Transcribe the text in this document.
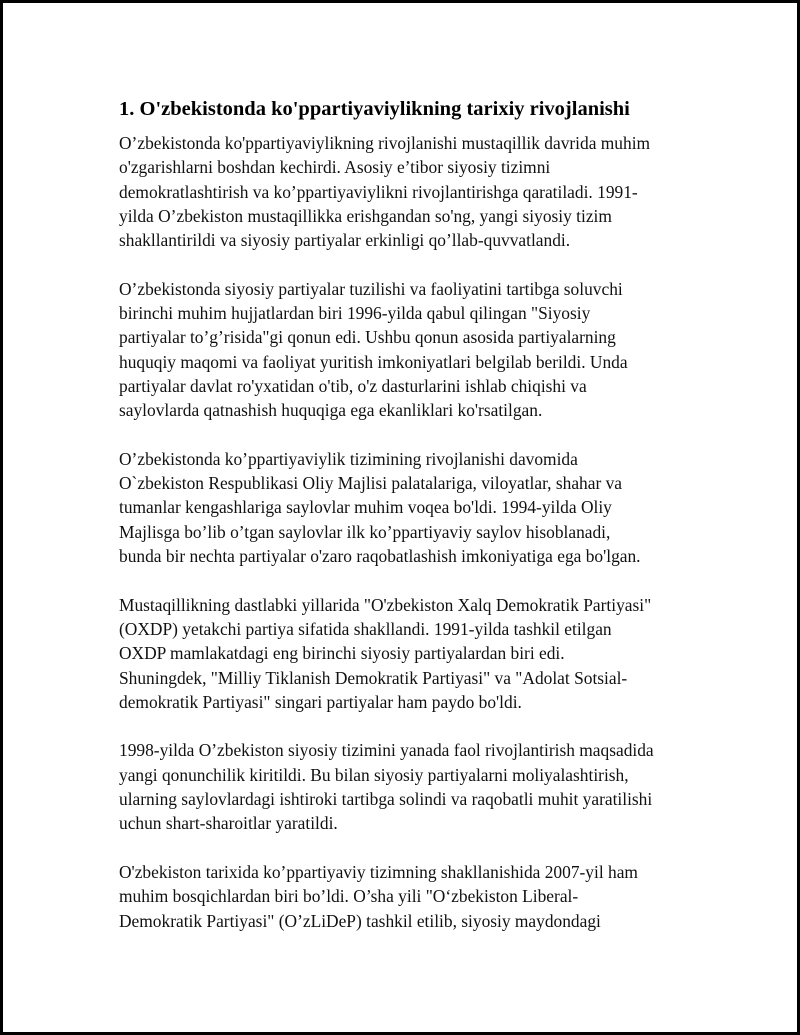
1. O'zbekistonda ko'ppartiyaviylikning tarixiy rivojlanishi
O’zbekistonda ko'ppartiyaviylikning rivojlanishi mustaqillik davrida muhim
o'zgarishlarni boshdan kechirdi. Asosiy e’tibor siyosiy tizimni
demokratlashtirish va ko’ppartiyaviylikni rivojlantirishga qaratiladi. 1991-
yilda O’zbekiston mustaqillikka erishgandan so'ng, yangi siyosiy tizim
shakllantirildi va siyosiy partiyalar erkinligi qo’llab-quvvatlandi.
O’zbekistonda siyosiy partiyalar tuzilishi va faoliyatini tartibga soluvchi
birinchi muhim hujjatlardan biri 1996-yilda qabul qilingan "Siyosiy
partiyalar to’g’risida"gi qonun edi. Ushbu qonun asosida partiyalarning
huquqiy maqomi va faoliyat yuritish imkoniyatlari belgilab berildi. Unda
partiyalar davlat ro'yxatidan o'tib, o'z dasturlarini ishlab chiqishi va
saylovlarda qatnashish huquqiga ega ekanliklari ko'rsatilgan.
O’zbekistonda ko’ppartiyaviylik tizimining rivojlanishi davomida
O`zbekiston Respublikasi Oliy Majlisi palatalariga, viloyatlar, shahar va
tumanlar kengashlariga saylovlar muhim voqea bo'ldi. 1994-yilda Oliy
Majlisga bo’lib o’tgan saylovlar ilk ko’ppartiyaviy saylov hisoblanadi,
bunda bir nechta partiyalar o'zaro raqobatlashish imkoniyatiga ega bo'lgan.
Mustaqillikning dastlabki yillarida "O'zbekiston Xalq Demokratik Partiyasi"
(OXDP) yetakchi partiya sifatida shakllandi. 1991-yilda tashkil etilgan
OXDP mamlakatdagi eng birinchi siyosiy partiyalardan biri edi.
Shuningdek, "Milliy Tiklanish Demokratik Partiyasi" va "Adolat Sotsial-
demokratik Partiyasi" singari partiyalar ham paydo bo'ldi.
1998-yilda O’zbekiston siyosiy tizimini yanada faol rivojlantirish maqsadida
yangi qonunchilik kiritildi. Bu bilan siyosiy partiyalarni moliyalashtirish,
ularning saylovlardagi ishtiroki tartibga solindi va raqobatli muhit yaratilishi
uchun shart-sharoitlar yaratildi.
O'zbekiston tarixida ko’ppartiyaviy tizimning shakllanishida 2007-yil ham
muhim bosqichlardan biri bo’ldi. O’sha yili "O‘zbekiston Liberal-
Demokratik Partiyasi" (O’zLiDeP) tashkil etilib, siyosiy maydondagi
